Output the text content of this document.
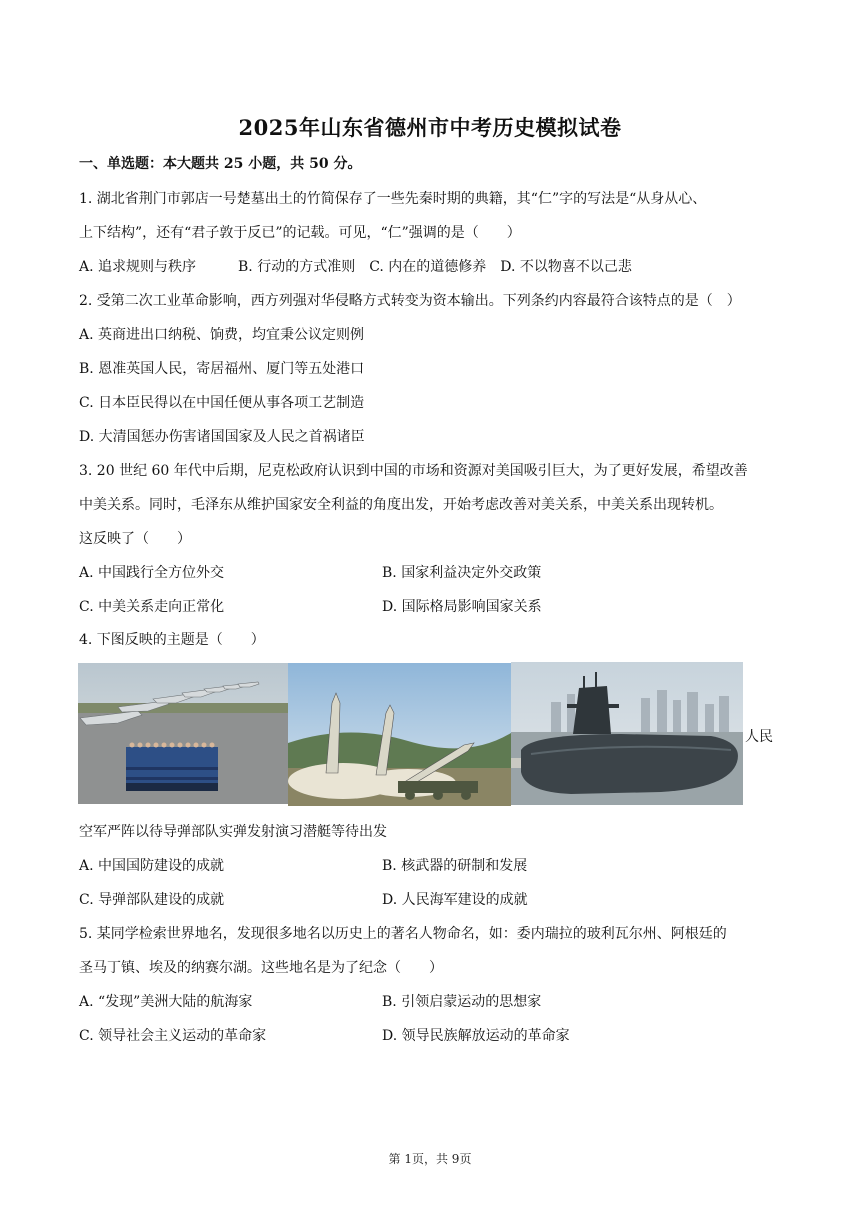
2025年山东省德州市中考历史模拟试卷
一、单选题：本大题共 25 小题，共 50 分。
1. 湖北省荆门市郭店一号楚墓出土的竹简保存了一些先秦时期的典籍，其“仁”字的写法是“从身从心、
上下结构”，还有“君子敦于反已”的记载。可见，“仁”强调的是（　　）
A. 追求规则与秩序　　　B. 行动的方式准则　C. 内在的道德修养　D. 不以物喜不以己悲
2. 受第二次工业革命影响，西方列强对华侵略方式转变为资本输出。下列条约内容最符合该特点的是（　）
A. 英商进出口纳税、饷费，均宜秉公议定则例
B. 恩准英国人民，寄居福州、厦门等五处港口
C. 日本臣民得以在中国任便从事各项工艺制造
D. 大清国惩办伤害诸国国家及人民之首祸诸臣
3. 20 世纪 60 年代中后期，尼克松政府认识到中国的市场和资源对美国吸引巨大，为了更好发展，希望改善
中美关系。同时，毛泽东从维护国家安全利益的角度出发，开始考虑改善对美关系，中美关系出现转机。
这反映了（　　）
A. 中国践行全方位外交	B. 国家利益决定外交政策
C. 中美关系走向正常化	D. 国际格局影响国家关系
4. 下图反映的主题是（　　）
人民
空军严阵以待导弹部队实弹发射演习潜艇等待出发
A. 中国国防建设的成就	B. 核武器的研制和发展
C. 导弹部队建设的成就	D. 人民海军建设的成就
5. 某同学检索世界地名，发现很多地名以历史上的著名人物命名，如：委内瑞拉的玻利瓦尔州、阿根廷的
圣马丁镇、埃及的纳赛尔湖。这些地名是为了纪念（　　）
A. “发现”美洲大陆的航海家	B. 引领启蒙运动的思想家
C. 领导社会主义运动的革命家	D. 领导民族解放运动的革命家
第 1页，共 9页
